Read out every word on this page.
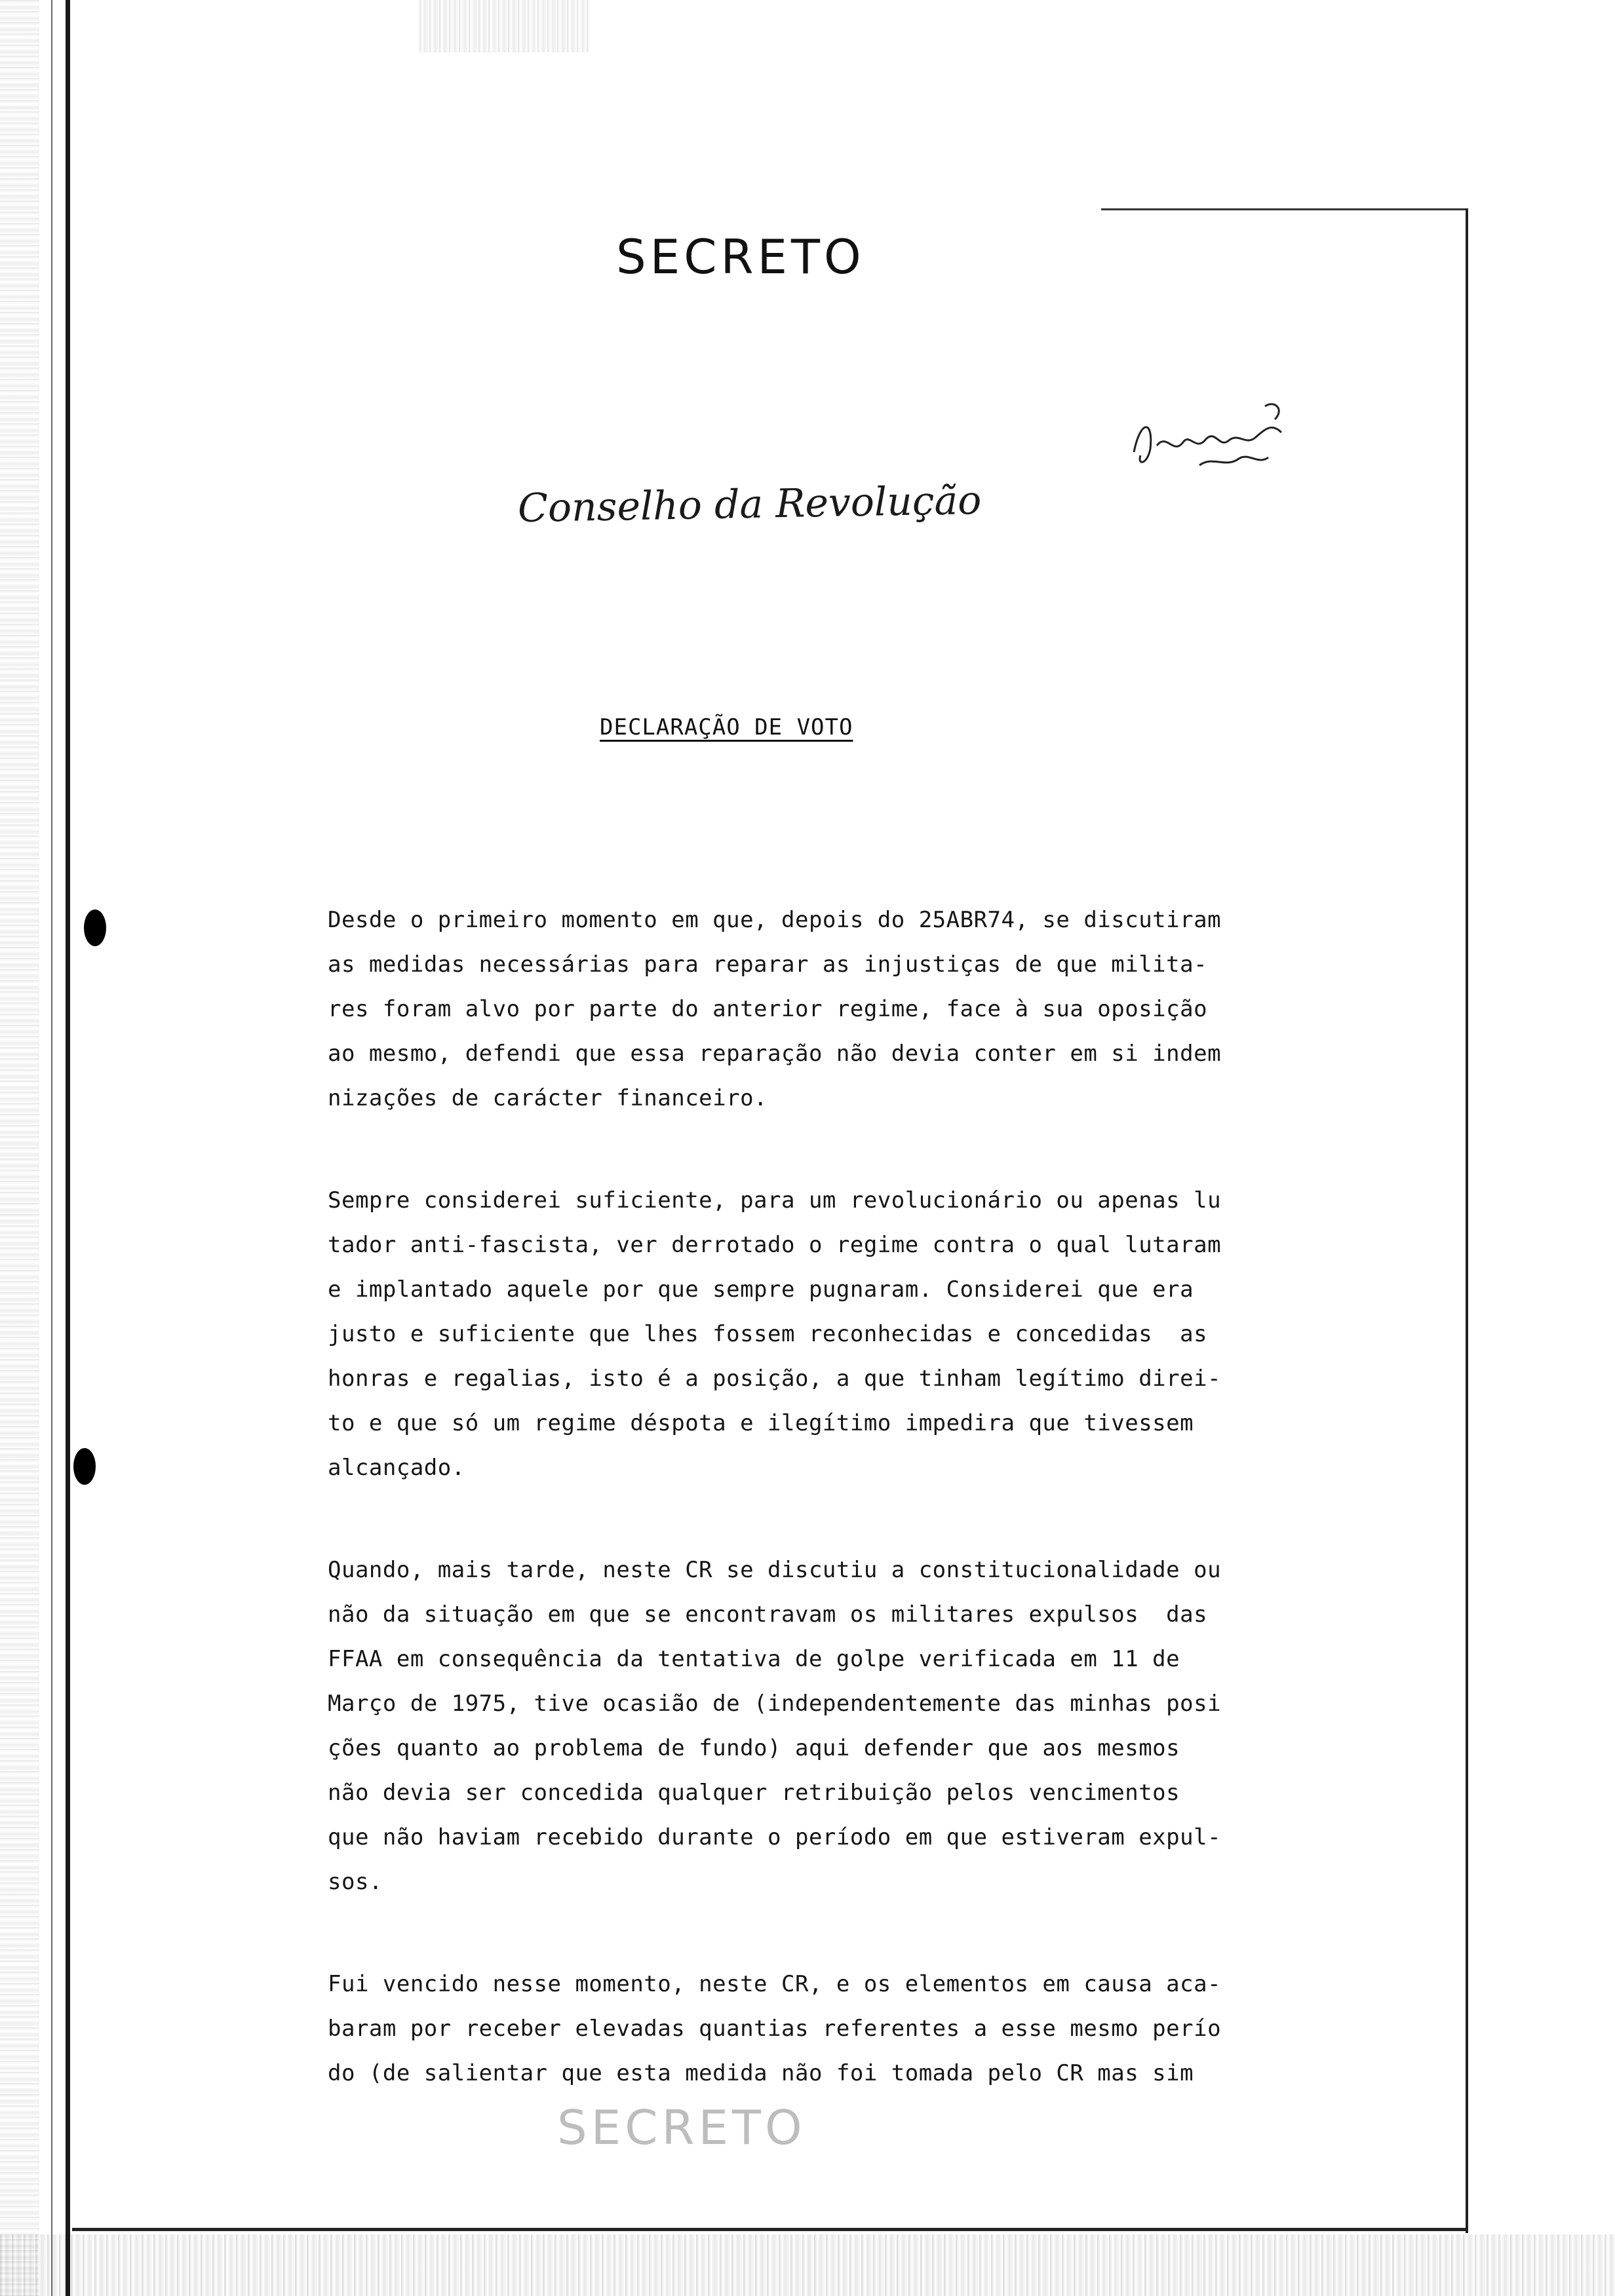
SECRETO
Conselho da Revolução
DECLARAÇÃO DE VOTO
Desde o primeiro momento em que, depois do 25ABR74, se discutiram
as medidas necessárias para reparar as injustiças de que milita-
res foram alvo por parte do anterior regime, face à sua oposição
ao mesmo, defendi que essa reparação não devia conter em si indem
nizações de carácter financeiro.
Sempre considerei suficiente, para um revolucionário ou apenas lu
tador anti-fascista, ver derrotado o regime contra o qual lutaram
e implantado aquele por que sempre pugnaram. Considerei que era
justo e suficiente que lhes fossem reconhecidas e concedidas  as
honras e regalias, isto é a posição, a que tinham legítimo direi-
to e que só um regime déspota e ilegítimo impedira que tivessem
alcançado.
Quando, mais tarde, neste CR se discutiu a constitucionalidade ou
não da situação em que se encontravam os militares expulsos  das
FFAA em consequência da tentativa de golpe verificada em 11 de
Março de 1975, tive ocasião de (independentemente das minhas posi
ções quanto ao problema de fundo) aqui defender que aos mesmos
não devia ser concedida qualquer retribuição pelos vencimentos
que não haviam recebido durante o período em que estiveram expul-
sos.
Fui vencido nesse momento, neste CR, e os elementos em causa aca-
baram por receber elevadas quantias referentes a esse mesmo perío
do (de salientar que esta medida não foi tomada pelo CR mas sim
SECRETO
